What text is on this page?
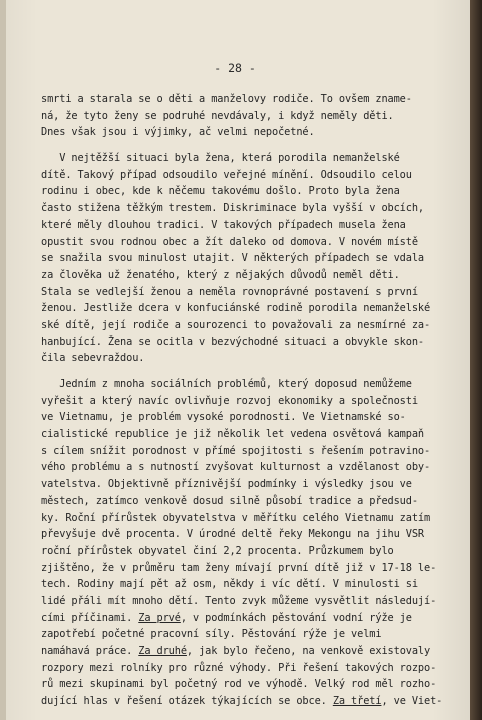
- 28 -
smrti a starala se o děti a manželovy rodiče. To ovšem zname-
ná, že tyto ženy se podruhé nevdávaly, i když neměly děti.
Dnes však jsou i výjimky, ač velmi nepočetné.
V nejtěžší situaci byla žena, která porodila nemanželské
dítě. Takový případ odsoudilo veřejné mínění. Odsoudilo celou
rodinu i obec, kde k něčemu takovému došlo. Proto byla žena
často stižena těžkým trestem. Diskriminace byla vyšší v obcích,
které měly dlouhou tradici. V takových případech musela žena
opustit svou rodnou obec a žít daleko od domova. V novém místě
se snažila svou minulost utajit. V některých případech se vdala
za člověka už ženatého, který z nějakých důvodů neměl děti.
Stala se vedlejší ženou a neměla rovnoprávné postavení s první
ženou. Jestliže dcera v konfuciánské rodině porodila nemanželské
ské dítě, její rodiče a sourozenci to považovali za nesmírné za-
hanbující. Žena se ocitla v bezvýchodné situaci a obvykle skon-
čila sebevraždou.
Jedním z mnoha sociálních problémů, který doposud nemůžeme
vyřešit a který navíc ovlivňuje rozvoj ekonomiky a společnosti
ve Vietnamu, je problém vysoké porodnosti. Ve Vietnamské so-
cialistické republice je již několik let vedena osvětová kampaň
s cílem snížit porodnost v přímé spojitosti s řešením potravino-
vého problému a s nutností zvyšovat kulturnost a vzdělanost oby-
vatelstva. Objektivně příznivější podmínky i výsledky jsou ve
městech, zatímco venkově dosud silně působí tradice a předsud-
ky. Roční přírůstek obyvatelstva v měřítku celého Vietnamu zatím
převyšuje dvě procenta. V úrodné deltě řeky Mekongu na jihu VSR
roční přírůstek obyvatel činí 2,2 procenta. Průzkumem bylo
zjištěno, že v průměru tam ženy mívají první dítě již v 17-18 le-
tech. Rodiny mají pět až osm, někdy i víc dětí. V minulosti si
lidé přáli mít mnoho dětí. Tento zvyk můžeme vysvětlit následují-
cími příčinami. Za prvé, v podmínkách pěstování vodní rýže je
zapotřebí početné pracovní síly. Pěstování rýže je velmi
namáhavá práce. Za druhé, jak bylo řečeno, na venkově existovaly
rozpory mezi rolníky pro různé výhody. Při řešení takových rozpo-
rů mezi skupinami byl početný rod ve výhodě. Velký rod měl rozho-
dující hlas v řešení otázek týkajících se obce. Za třetí, ve Viet-
